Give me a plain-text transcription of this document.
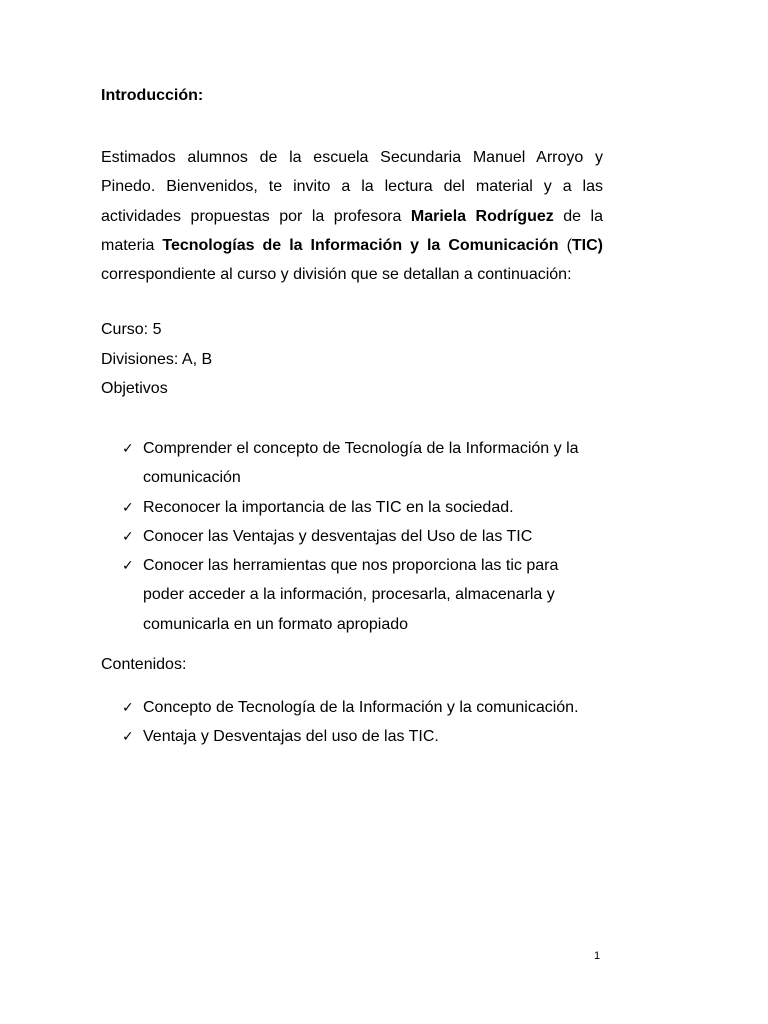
Introducción:
Estimados alumnos de la escuela Secundaria Manuel Arroyo y
Pinedo. Bienvenidos, te invito a la lectura del material y a las
actividades propuestas por la profesora Mariela Rodríguez de la
materia Tecnologías de la Información y la Comunicación (TIC)
correspondiente al curso y división que se detallan a continuación:
Curso: 5
Divisiones: A, B
Objetivos
✓ Comprender el concepto de Tecnología de la Información y la
comunicación
✓ Reconocer la importancia de las TIC en la sociedad.
✓ Conocer las Ventajas y desventajas del Uso de las TIC
✓ Conocer las herramientas que nos proporciona las tic para
poder acceder a la información, procesarla, almacenarla y
comunicarla en un formato apropiado
Contenidos:
✓ Concepto de Tecnología de la Información y la comunicación.
✓ Ventaja y Desventajas del uso de las TIC.
1
